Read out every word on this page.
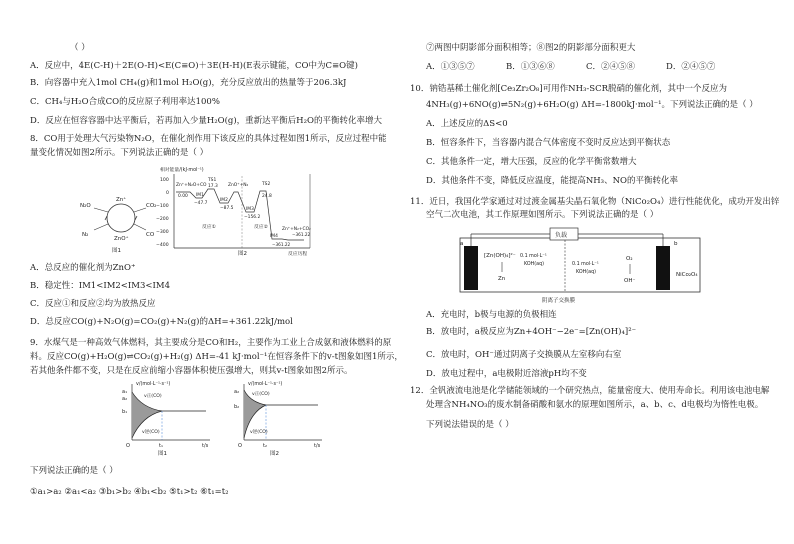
（ ）
A．反应中，4E(C-H)＋2E(O-H)<E(C≡O)＋3E(H-H)(E表示键能，CO中为C≡O键)
B．向容器中充入1mol CH₄(g)和1mol H₂O(g)，充分反应放出的热量等于206.3kJ
C．CH₄与H₂O合成CO的反应原子利用率达100%
D．反应在恒容容器中达平衡后，若再加入少量H₂O(g)，重新达平衡后H₂O的平衡转化率增大
8．CO用于处理大气污染物N₂O，在催化剂作用下该反应的具体过程如图1所示，反应过程中能
量变化情况如图2所示。下列说法正确的是（ ）
N₂O
N₂
Zn⁺
ZnO⁺
CO
CO₂
图1
相对能量/(kJ·mol⁻¹)
100
0
−100
−200
−300
−400
Zn⁺+N₂O+CO
0.00 IM1
−47.7
TS1
17.3
IM2
−87.5
ZnO⁺+N₂
IM3
−156.2
TS2
24.8
Zn⁺+N₂+CO₂
IM4
−361.22
−361.22
反应①	反应②
反应历程
图2
A．总反应的催化剂为ZnO⁺
B．稳定性：IM1<IM2<IM3<IM4
C．反应①和反应②均为放热反应
D．总反应CO(g)+N₂O(g)=CO₂(g)+N₂(g)的ΔH=+361.22kJ/mol
9．水煤气是一种高效气体燃料，其主要成分是CO和H₂，主要作为工业上合成氨和液体燃料的原
料。反应CO(g)+H₂O(g)⇌CO₂(g)+H₂(g) ΔH=-41 kJ·mol⁻¹在恒容条件下的v-t图象如图1所示，
若其他条件都不变，只是在反应前缩小容器体积使压强增大，则其v-t图象如图2所示。
v/(mol·L⁻¹·s⁻¹)
a₂
a₁
b₁
v正(CO)
v逆(CO)
t₁
O	t/s
图1
v/(mol·L⁻¹·s⁻¹)
a₂
b₂
v正(CO)
v逆(CO)
t₂
O	t/s
图2
下列说法正确的是（ ）
①a₁>a₂ ②a₁<a₂ ③b₁>b₂ ④b₁<b₂ ⑤t₁>t₂ ⑥t₁=t₂
⑦两图中阴影部分面积相等；⑧图2的阴影部分面积更大
A．①③⑤⑦	B．①③⑥⑧	C．②④⑤⑧	D．②④⑤⑦
10．钠锆基稀土催化剂[Ce₃Zr₂O₈]可用作NH₃-SCR脱硝的催化剂，其中一个反应为
4NH₃(g)+6NO(g)⇌5N₂(g)+6H₂O(g) ΔH=-1800kJ·mol⁻¹。下列说法正确的是（ ）
A．上述反应的ΔS<0
B．恒容条件下，当容器内混合气体密度不变时反应达到平衡状态
C．其他条件一定，增大压强，反应的化学平衡常数增大
D．其他条件不变，降低反应温度，能提高NH₃、NO的平衡转化率
11．近日，我国化学家通过对过渡金属基尖晶石氧化物（NiCo₂O₄）进行性能优化，成功开发出锌
空气二次电池，其工作原理如图所示。下列说法正确的是（ ）
负载
a	b
[Zn(OH)₄]²⁻
Zn
0.1 mol·L⁻¹
KOH(aq)	0.1 mol·L⁻¹
KOH(aq)
O₂
OH⁻
NiCo₂O₄
阴离子交换膜
A．充电时，b极与电源的负极相连
B．放电时，a极反应为Zn+4OH⁻−2e⁻=[Zn(OH)₄]²⁻
C．放电时，OH⁻通过阴离子交换膜从左室移向右室
D．放电过程中，a电极附近溶液pH均不变
12．全钒液流电池是化学储能领域的一个研究热点，能量密度大、使用寿命长。利用该电池电解
处理含NH₄NO₃的废水制备硝酸和氨水的原理如图所示，a、b、c、d电极均为惰性电极。
下列说法错误的是（ ）
